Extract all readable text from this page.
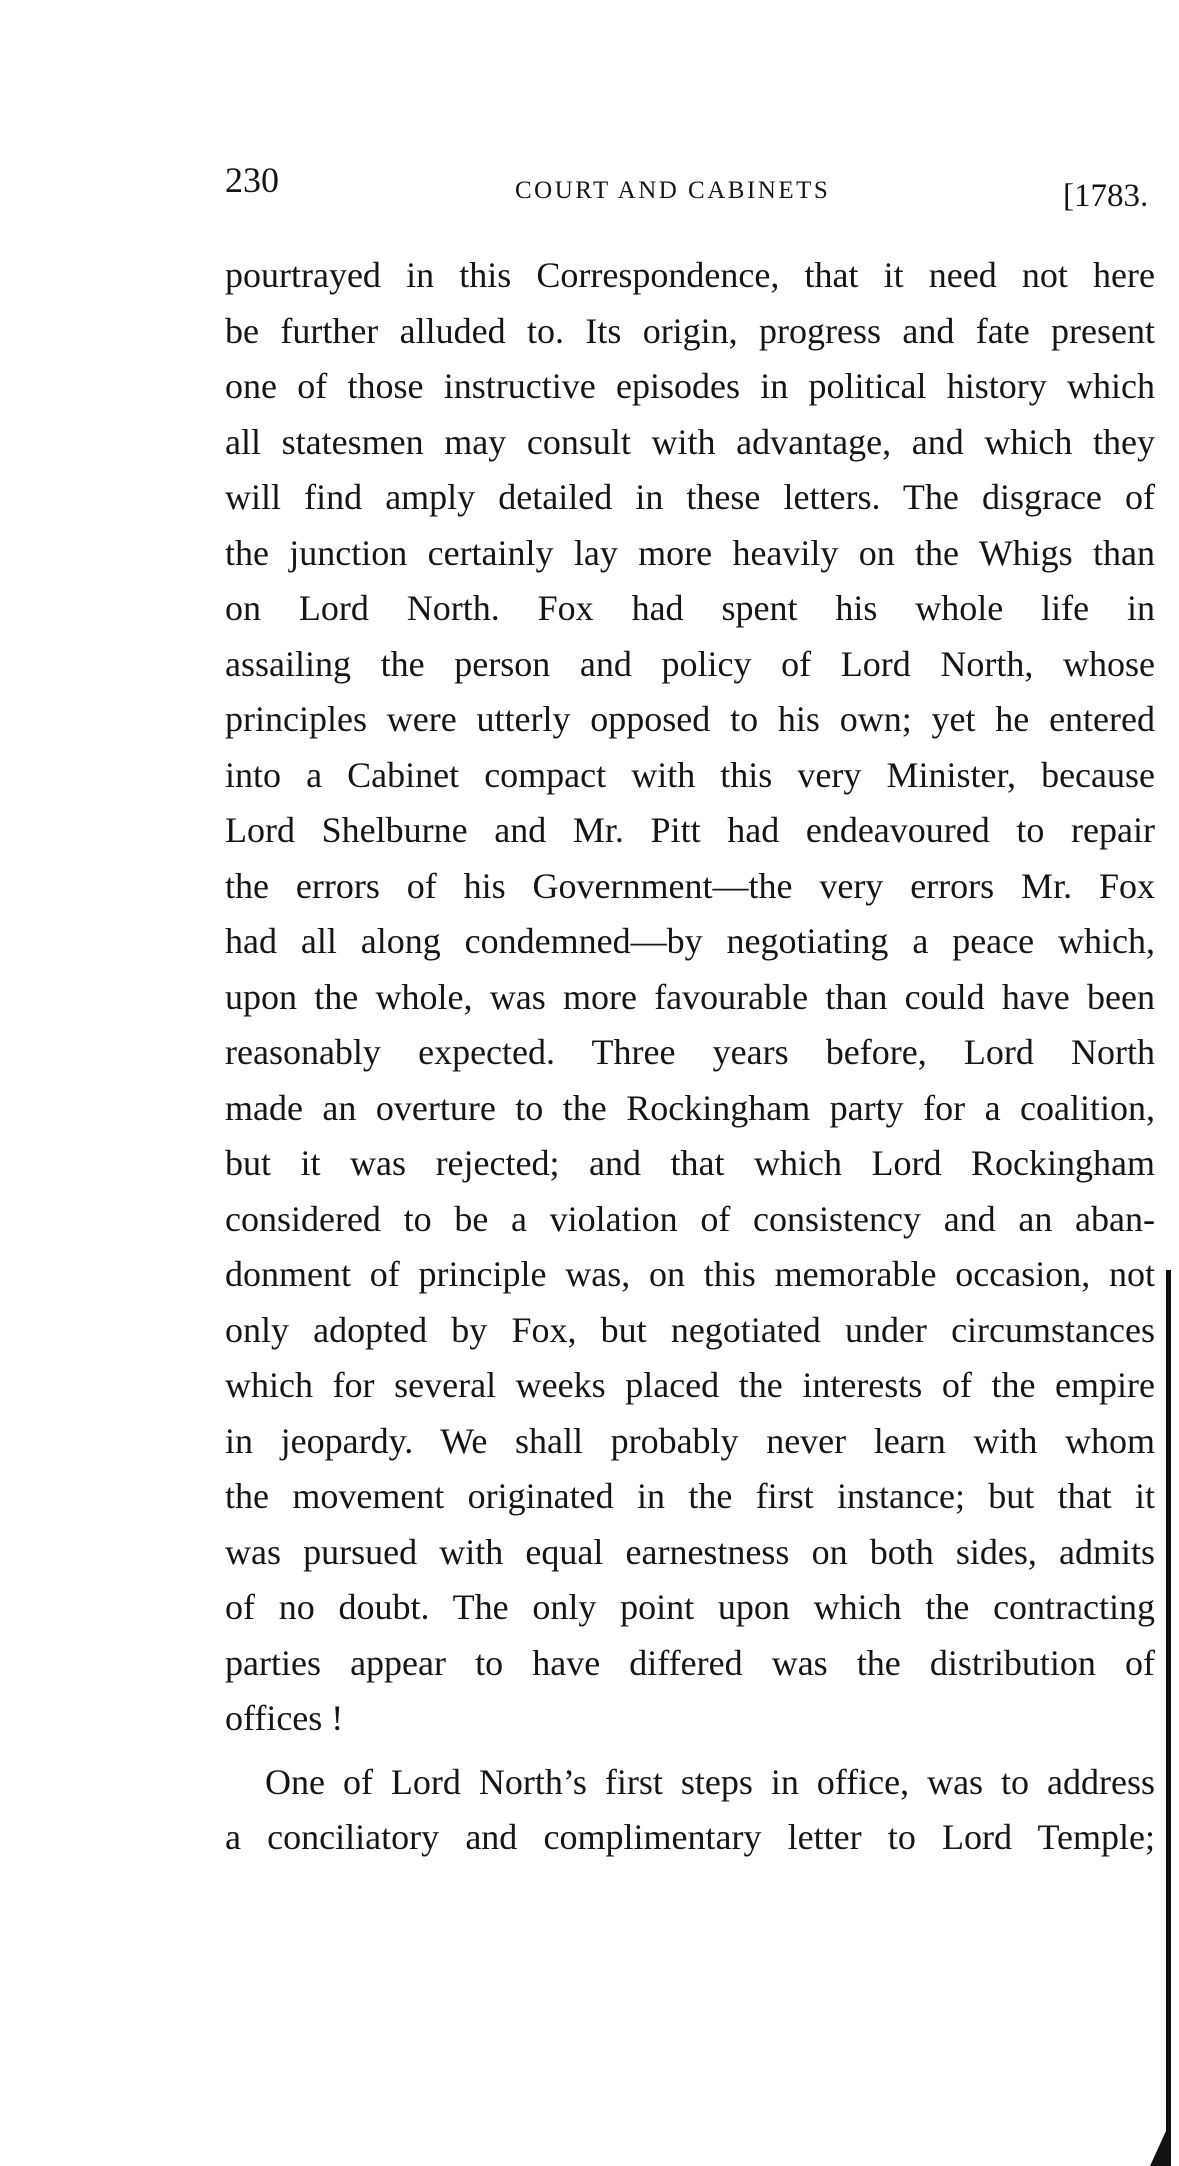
230	COURT AND CABINETS	[1783.
pourtrayed in this Correspondence, that it need not here
be further alluded to. Its origin, progress and fate present
one of those instructive episodes in political history which
all statesmen may consult with advantage, and which they
will find amply detailed in these letters. The disgrace of
the junction certainly lay more heavily on the Whigs than
on Lord North. Fox had spent his whole life in
assailing the person and policy of Lord North, whose
principles were utterly opposed to his own; yet he entered
into a Cabinet compact with this very Minister, because
Lord Shelburne and Mr. Pitt had endeavoured to repair
the errors of his Government—the very errors Mr. Fox
had all along condemned—by negotiating a peace which,
upon the whole, was more favourable than could have been
reasonably expected. Three years before, Lord North
made an overture to the Rockingham party for a coalition,
but it was rejected; and that which Lord Rockingham
considered to be a violation of consistency and an aban-
donment of principle was, on this memorable occasion, not
only adopted by Fox, but negotiated under circumstances
which for several weeks placed the interests of the empire
in jeopardy. We shall probably never learn with whom
the movement originated in the first instance; but that it
was pursued with equal earnestness on both sides, admits
of no doubt. The only point upon which the contracting
parties appear to have differed was the distribution of
offices !
One of Lord North’s first steps in office, was to address
a conciliatory and complimentary letter to Lord Temple;
